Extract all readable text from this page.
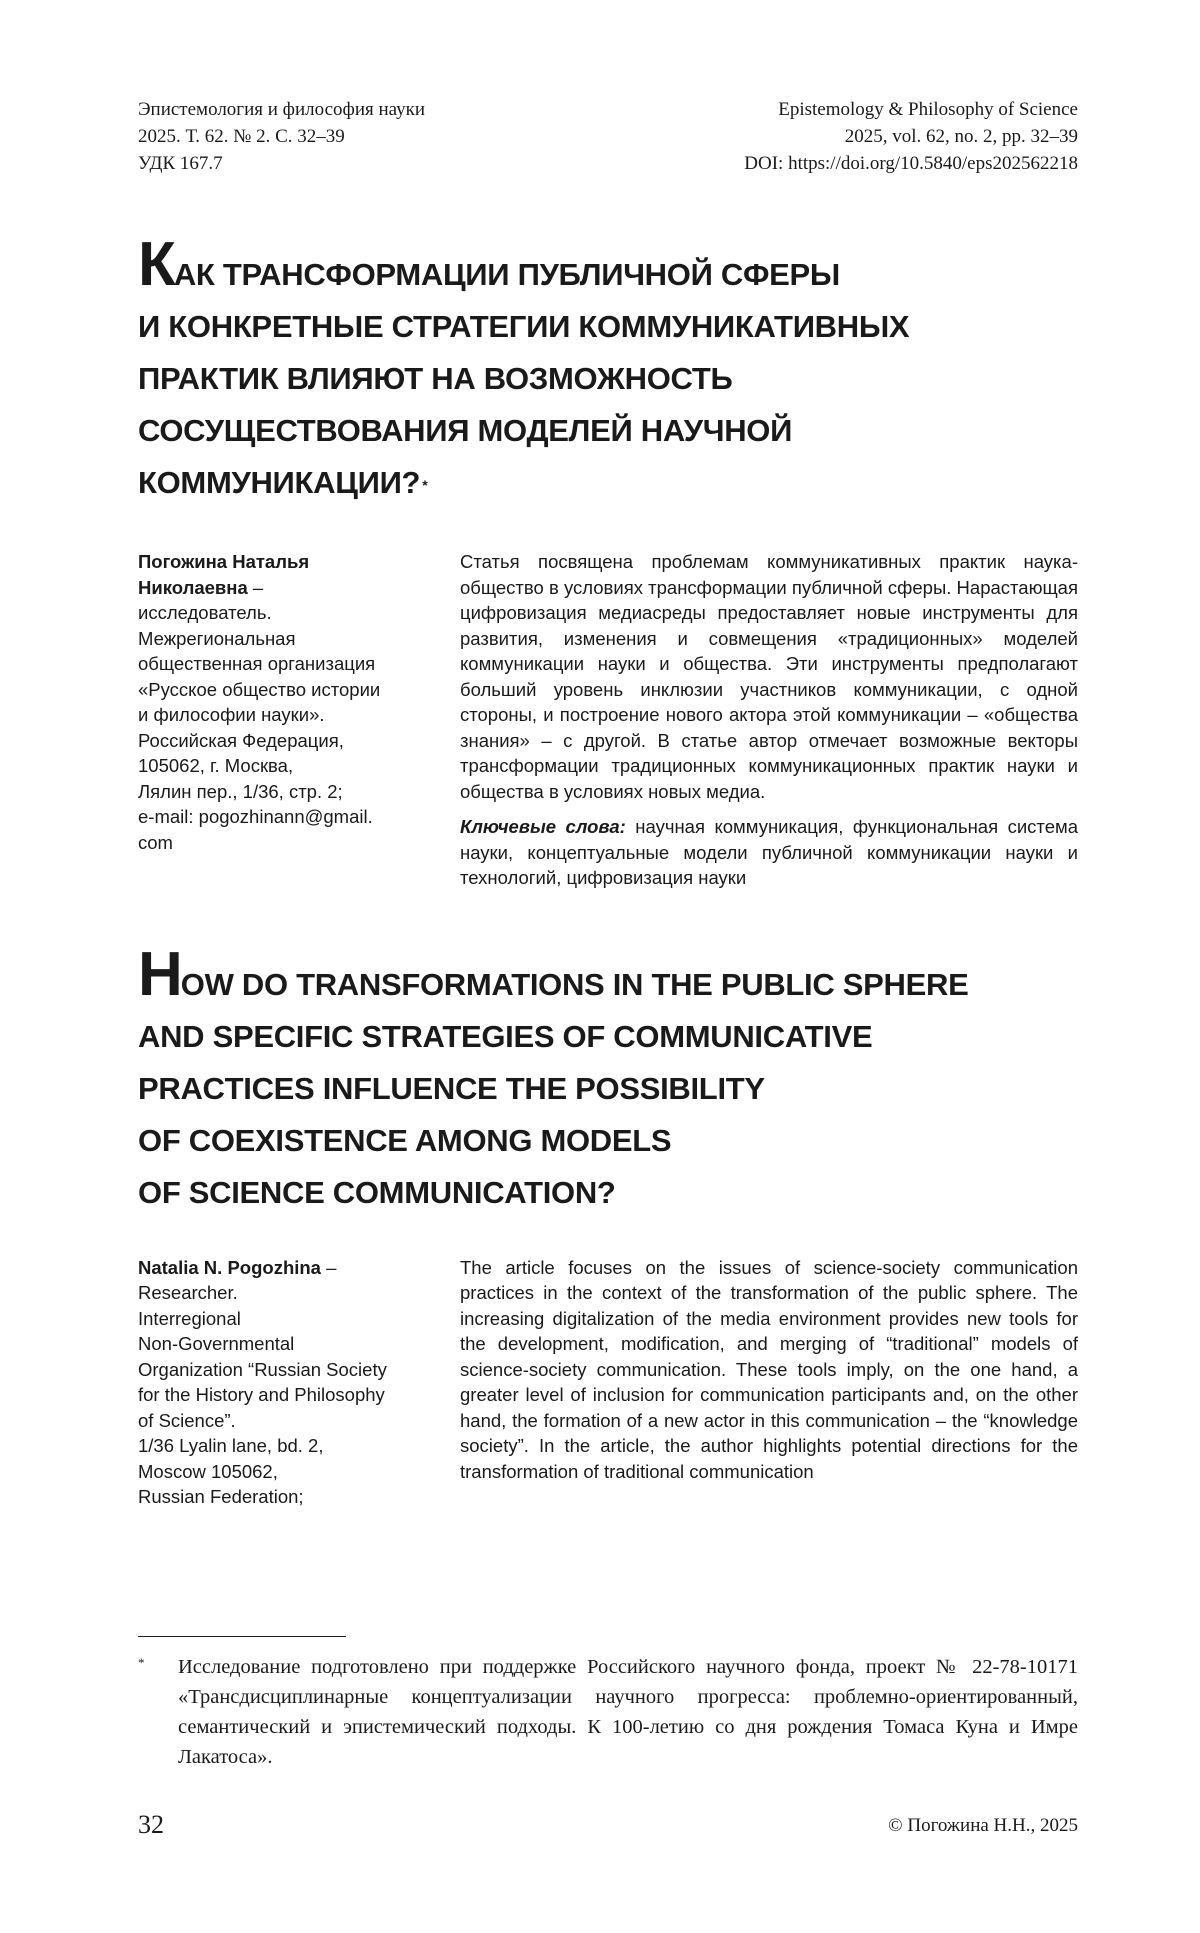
Эпистемология и философия науки
2025. Т. 62. № 2. С. 32–39
УДК 167.7
Epistemology & Philosophy of Science
2025, vol. 62, no. 2, pp. 32–39
DOI: https://doi.org/10.5840/eps202562218
КАК ТРАНСФОРМАЦИИ ПУБЛИЧНОЙ СФЕРЫ
И КОНКРЕТНЫЕ СТРАТЕГИИ КОММУНИКАТИВНЫХ
ПРАКТИК ВЛИЯЮТ НА ВОЗМОЖНОСТЬ
СОСУЩЕСТВОВАНИЯ МОДЕЛЕЙ НАУЧНОЙ
КОММУНИКАЦИИ? *
Погожина Наталья
Николаевна –
исследователь.
Межрегиональная
общественная организация
«Русское общество истории
и философии науки».
Российская Федерация,
105062, г. Москва,
Лялин пер., 1/36, стр. 2;
e-mail: pogozhinann@gmail.
com

Статья посвящена проблемам коммуникативных практик наука-общество в условиях трансформации публичной сферы. Нарастающая цифровизация медиасреды предоставляет новые инструменты для развития, изменения и совмещения «традиционных» моделей коммуникации науки и общества. Эти инструменты предполагают больший уровень инклюзии участников коммуникации, с одной стороны, и построение нового актора этой коммуникации – «общества знания» – с другой. В статье автор отмечает возможные векторы трансформации традиционных коммуникационных практик науки и общества в условиях новых медиа.

Ключевые слова: научная коммуникация, функциональная система науки, концептуальные модели публичной коммуникации науки и технологий, цифровизация науки

HOW DO TRANSFORMATIONS IN THE PUBLIC SPHERE
AND SPECIFIC STRATEGIES OF COMMUNICATIVE
PRACTICES INFLUENCE THE POSSIBILITY
OF COEXISTENCE AMONG MODELS
OF SCIENCE COMMUNICATION?
Natalia N. Pogozhina –
Researcher.
Interregional
Non-Governmental
Organization “Russian Society
for the History and Philosophy
of Science”.
1/36 Lyalin lane, bd. 2,
Moscow 105062,
Russian Federation;

The article focuses on the issues of science-society communication practices in the context of the transformation of the public sphere. The increasing digitalization of the media environment provides new tools for the development, modification, and merging of “traditional” models of science-society communication. These tools imply, on the one hand, a greater level of inclusion for communication participants and, on the other hand, the formation of a new actor in this communication – the “knowledge society”. In the article, the author highlights potential directions for the transformation of traditional communication

* Исследование подготовлено при поддержке Российского научного фонда, проект № 22-78-10171 «Трансдисциплинарные концептуализации научного прогресса: проблемно-ориентированный, семантический и эпистемический подходы. К 100-летию со дня рождения Томаса Куна и Имре Лакатоса».
32	© Погожина Н.Н., 2025
